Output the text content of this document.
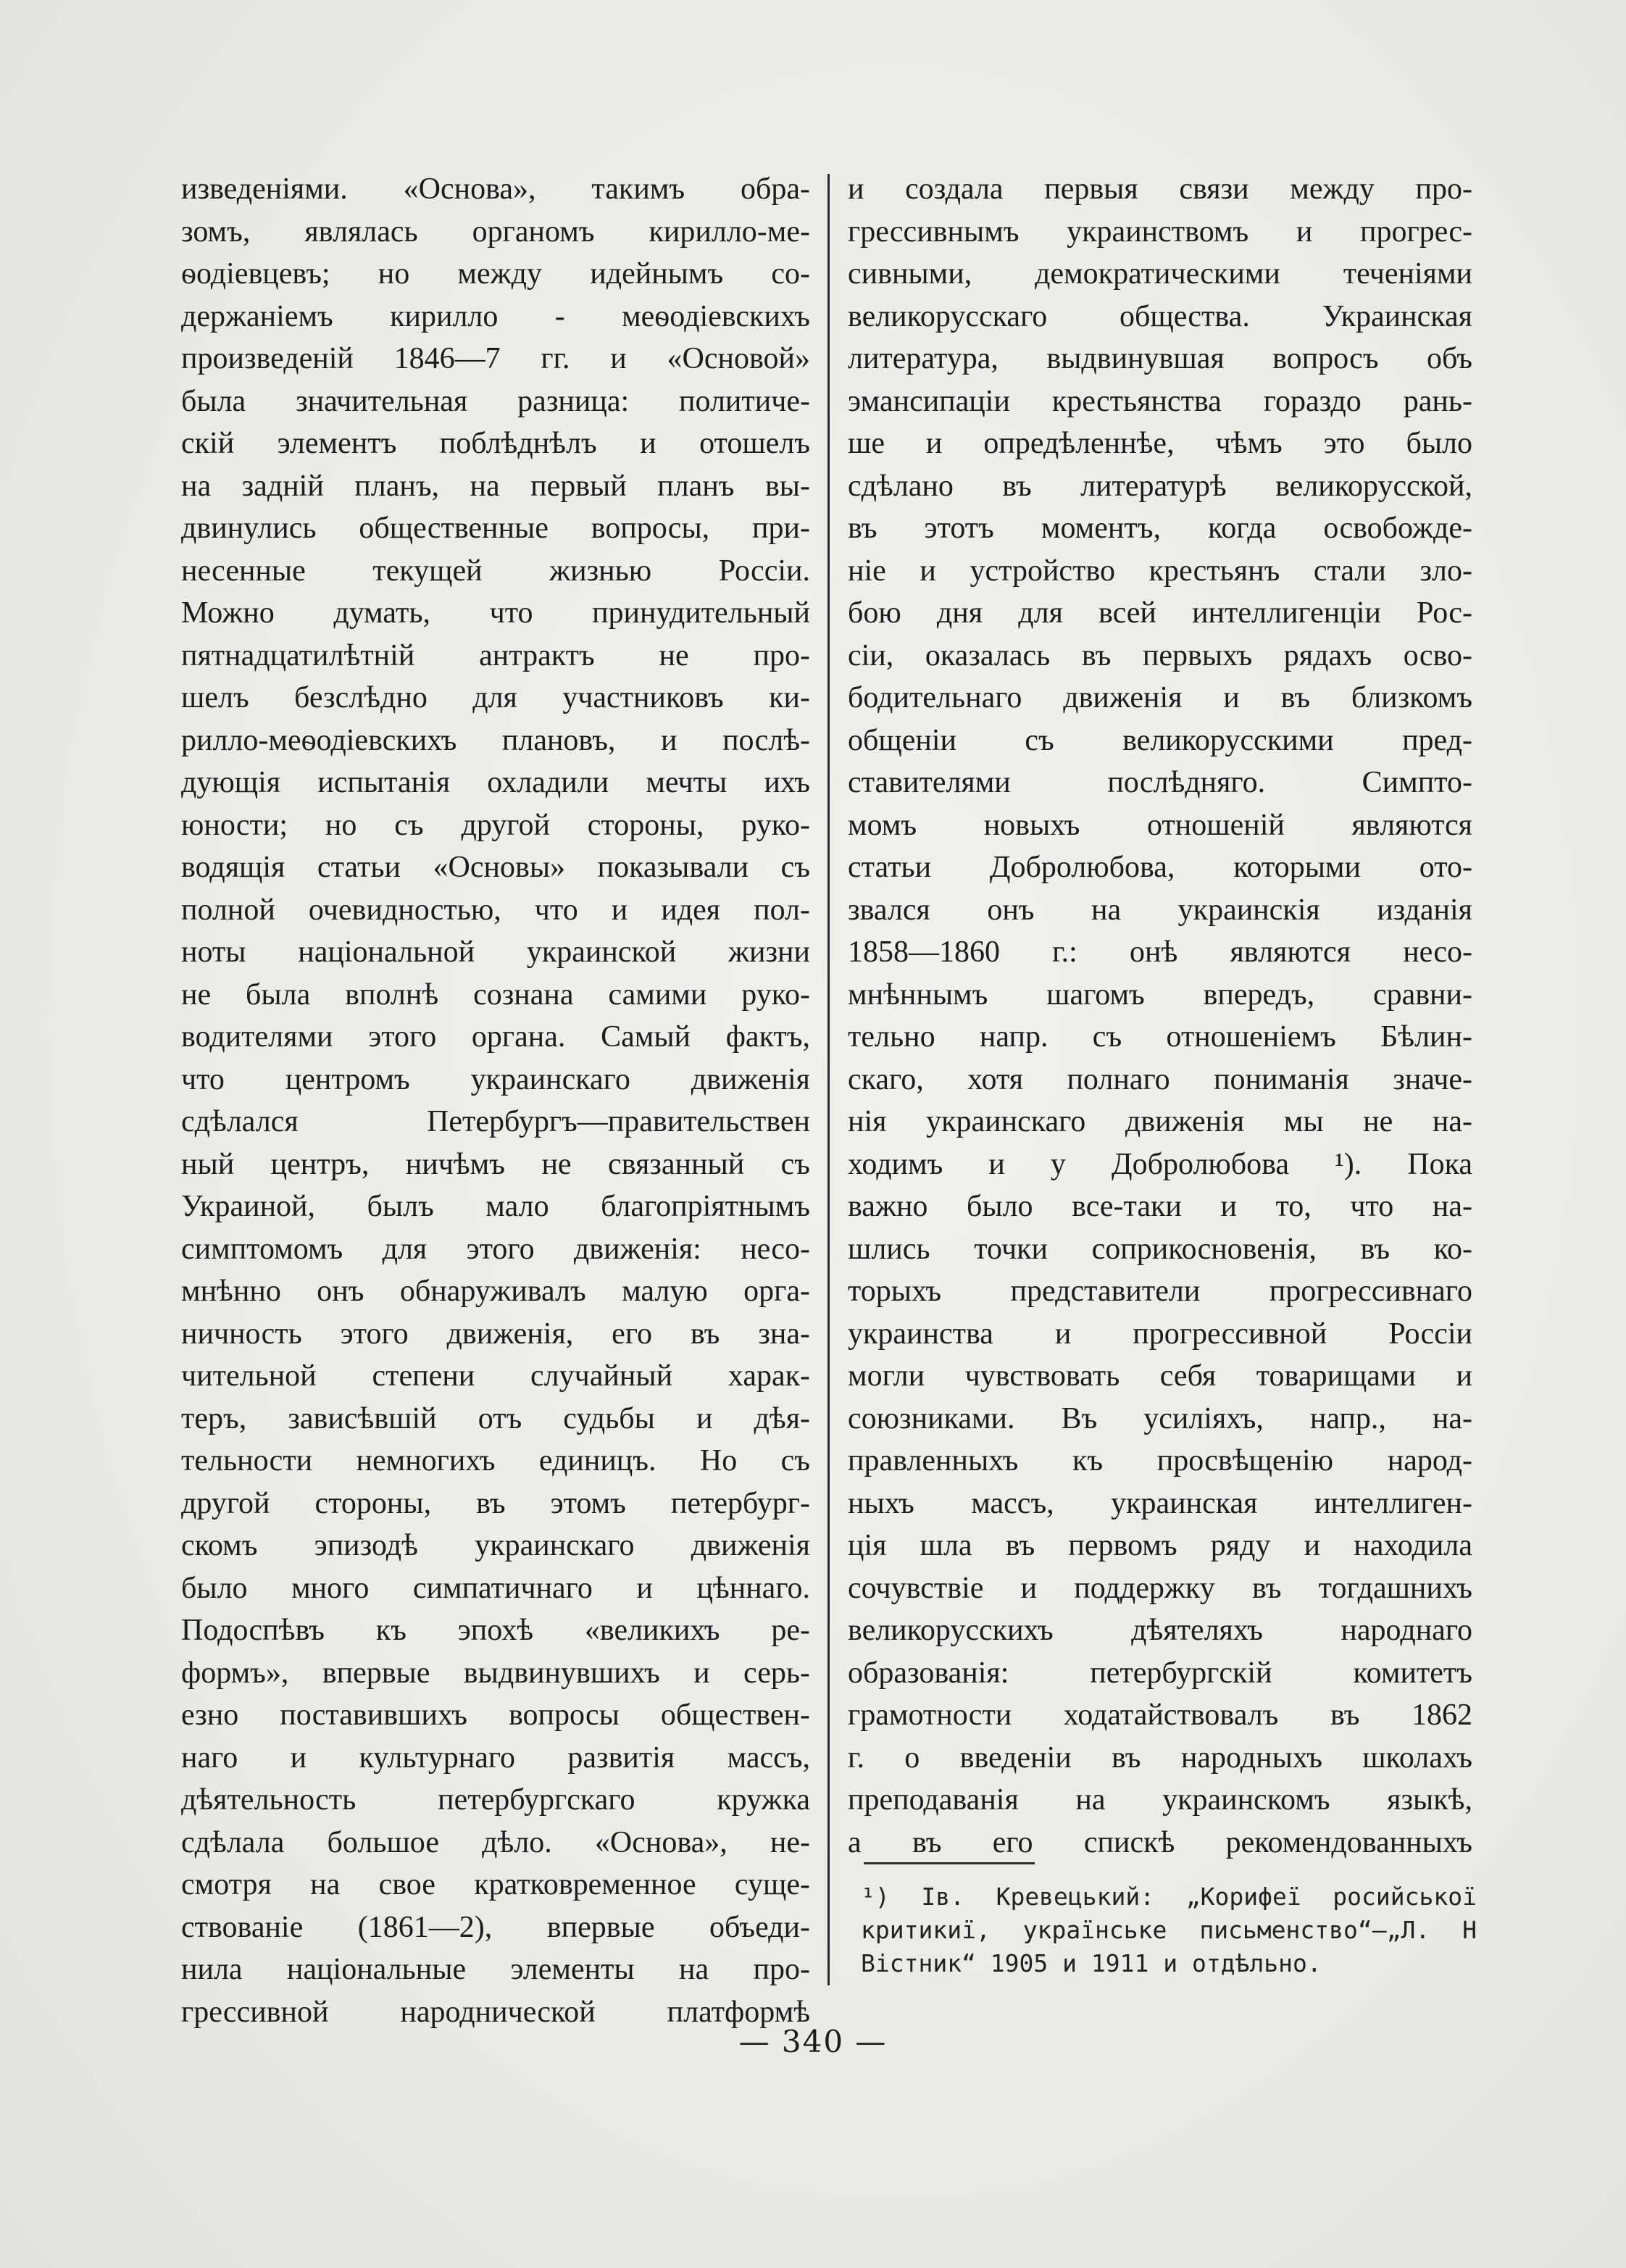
изведеніями. «Основа», такимъ обра-
зомъ, являлась органомъ кирилло-ме-
ѳодіевцевъ; но между идейнымъ со-
держаніемъ кирилло - меѳодіевскихъ
произведеній 1846—7 гг. и «Основой»
была значительная разница: политиче-
скій элементъ поблѣднѣлъ и отошелъ
на задній планъ, на первый планъ вы-
двинулись общественные вопросы, при-
несенные текущей жизнью Россіи.
Можно думать, что принудительный
пятнадцатилѣтній антрактъ не про-
шелъ безслѣдно для участниковъ ки-
рилло-меѳодіевскихъ плановъ, и послѣ-
дующія испытанія охладили мечты ихъ
юности; но съ другой стороны, руко-
водящія статьи «Основы» показывали съ
полной очевидностью, что и идея пол-
ноты національной украинской жизни
не была вполнѣ сознана самими руко-
водителями этого органа. Самый фактъ,
что центромъ украинскаго движенія
сдѣлался Петербургъ—правительствен
ный центръ, ничѣмъ не связанный съ
Украиной, былъ мало благопріятнымъ
симптомомъ для этого движенія: несо-
мнѣнно онъ обнаруживалъ малую орга-
ничность этого движенія, его въ зна-
чительной степени случайный харак-
теръ, зависѣвшій отъ судьбы и дѣя-
тельности немногихъ единицъ. Но съ
другой стороны, въ этомъ петербург-
скомъ эпизодѣ украинскаго движенія
было много симпатичнаго и цѣннаго.
Подоспѣвъ къ эпохѣ «великихъ ре-
формъ», впервые выдвинувшихъ и серь-
езно поставившихъ вопросы обществен-
наго и культурнаго развитія массъ,
дѣятельность петербургскаго кружка
сдѣлала большое дѣло. «Основа», не-
смотря на свое кратковременное суще-
ствованіе (1861—2), впервые объеди-
нила національные элементы на про-
грессивной народнической платформѣ
и создала первыя связи между про-
грессивнымъ украинствомъ и прогрес-
сивными, демократическими теченіями
великорусскаго общества. Украинская
литература, выдвинувшая вопросъ объ
эмансипаціи крестьянства гораздо рань-
ше и опредѣленнѣе, чѣмъ это было
сдѣлано въ литературѣ великорусской,
въ этотъ моментъ, когда освобожде-
ніе и устройство крестьянъ стали зло-
бою дня для всей интеллигенціи Рос-
сіи, оказалась въ первыхъ рядахъ осво-
бодительнаго движенія и въ близкомъ
общеніи съ великорусскими пред-
ставителями послѣдняго. Симпто-
момъ новыхъ отношеній являются
статьи Добролюбова, которыми ото-
звался онъ на украинскія изданія
1858—1860 г.: онѣ являются несо-
мнѣннымъ шагомъ впередъ, сравни-
тельно напр. съ отношеніемъ Бѣлин-
скаго, хотя полнаго пониманія значе-
нія украинскаго движенія мы не на-
ходимъ и у Добролюбова ¹). Пока
важно было все-таки и то, что на-
шлись точки соприкосновенія, въ ко-
торыхъ представители прогрессивнаго
украинства и прогрессивной Россіи
могли чувствовать себя товарищами и
союзниками. Въ усиліяхъ, напр., на-
правленныхъ къ просвѣщенію народ-
ныхъ массъ, украинская интеллиген-
ція шла въ первомъ ряду и находила
сочувствіе и поддержку въ тогдашнихъ
великорусскихъ дѣятеляхъ народнаго
образованія: петербургскій комитетъ
грамотности ходатайствовалъ въ 1862
г. о введеніи въ народныхъ школахъ
преподаванія на украинскомъ языкѣ,
а въ его спискѣ рекомендованныхъ
¹) Ів. Кревецький: „Корифеї росийської
критикиї, українське письменство“—„Л. Н
Вістник“ 1905 и 1911 и отдѣльно.
— 340 —
